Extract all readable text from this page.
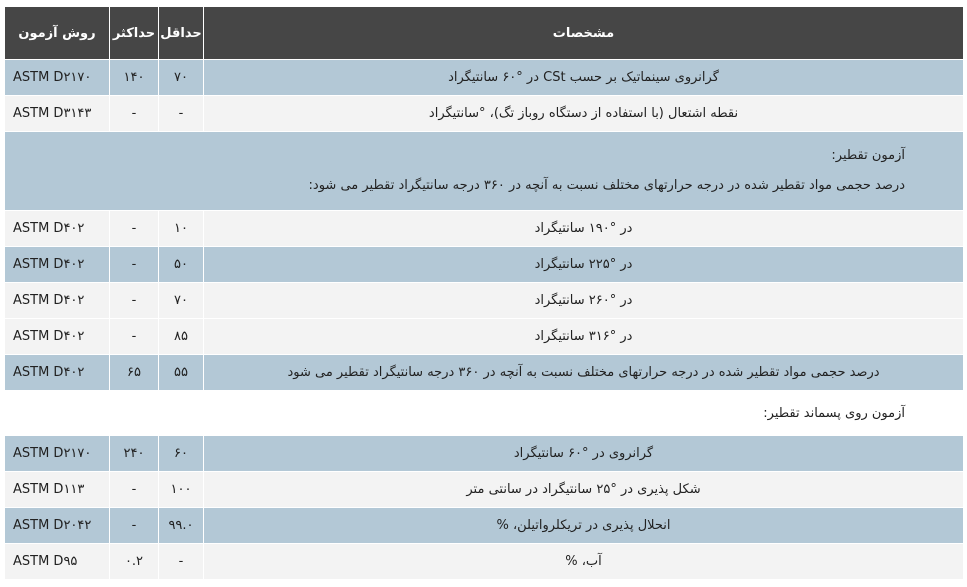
روش آزمون	حداکثر	حداقل	مشخصات
ASTM D۲۱۷۰	۱۴۰	۷۰	گرانروی سینماتیک بر حسب CSt در °۶۰ سانتیگراد
ASTM D۳۱۴۳	-	-	نقطه اشتعال (با استفاده از دستگاه روباز تگ)، °سانتیگراد

آزمون تقطیر:
درصد حجمی مواد تقطیر شده در درجه حرارتهای مختلف نسبت به آنچه در ۳۶۰ درجه سانتیگراد تقطیر می شود:			

ASTM D۴۰۲	-	۱۰	در °۱۹۰ سانتیگراد
ASTM D۴۰۲	-	۵۰	در °۲۲۵ سانتیگراد
ASTM D۴۰۲	-	۷۰	در °۲۶۰ سانتیگراد
ASTM D۴۰۲	-	۸۵	در °۳۱۶ سانتیگراد
ASTM D۴۰۲	۶۵	۵۵	درصد حجمی مواد تقطیر شده در درجه حرارتهای مختلف نسبت به آنچه در ۳۶۰ درجه سانتیگراد تقطیر می شود
آزمون روی پسماند تقطیر:			
ASTM D۲۱۷۰	۲۴۰	۶۰	گرانروی در °۶۰ سانتیگراد
ASTM D۱۱۳	-	۱۰۰	شکل پذیری در °۲۵ سانتیگراد در سانتی متر
ASTM D۲۰۴۲	-	۹۹.۰	انحلال پذیری در تریکلرواتیلن، %
ASTM D۹۵	۰.۲	-	آب، %
